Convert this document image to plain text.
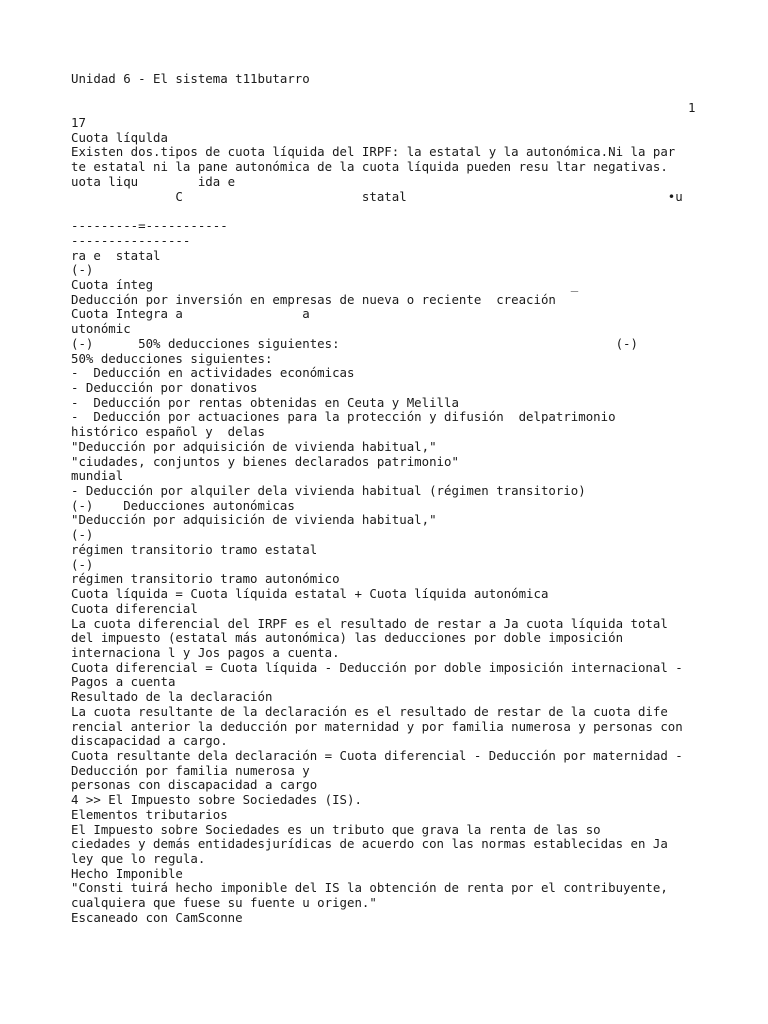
Unidad 6 - El sistema t11butarro
1
17
Cuota líqulda
Existen dos.tipos de cuota líquida del IRPF: la estatal y la autonómica.Ni la par
te estatal ni la pane autonómica de la cuota líquida pueden resu ltar negativas.
uota liqu        ida e
C                        statal                                   •u
---------=-----------
----------------
ra e  statal
(-)
Cuota ínteg                                                        _
Deducción por inversión en empresas de nueva o reciente  creación
Cuota Integra a                a
utonómic
(-)      50% deducciones siguientes:                                     (-)
50% deducciones siguientes:
-  Deducción en actividades económicas
- Deducción por donativos
-  Deducción por rentas obtenidas en Ceuta y Melilla
-  Deducción por actuaciones para la protección y difusión  delpatrimonio
histórico español y  delas
"Deducción por adquisición de vivienda habitual,"
"ciudades, conjuntos y bienes declarados patrimonio"
mundial
- Deducción por alquiler dela vivienda habitual (régimen transitorio)
(-)    Deducciones autonómicas
"Deducción por adquisición de vivienda habitual,"
(-)
régimen transitorio tramo estatal
(-)
régimen transitorio tramo autonómico
Cuota líquida = Cuota líquida estatal + Cuota líquida autonómica
Cuota diferencial
La cuota diferencial del IRPF es el resultado de restar a Ja cuota líquida total
del impuesto (estatal más autonómica) las deducciones por doble imposición
internaciona l y Jos pagos a cuenta.
Cuota diferencial = Cuota líquida - Deducción por doble imposición internacional -
Pagos a cuenta
Resultado de la declaración
La cuota resultante de la declaración es el resultado de restar de la cuota dife
rencial anterior la deducción por maternidad y por familia numerosa y personas con
discapacidad a cargo.
Cuota resultante dela declaración = Cuota diferencial - Deducción por maternidad -
Deducción por familia numerosa y
personas con discapacidad a cargo
4 >> El Impuesto sobre Sociedades (IS).
Elementos tributarios
El Impuesto sobre Sociedades es un tributo que grava la renta de las so
ciedades y demás entidadesjurídicas de acuerdo con las normas establecidas en Ja
ley que lo regula.
Hecho Imponible
"Consti tuirá hecho imponible del IS la obtención de renta por el contribuyente,
cualquiera que fuese su fuente u origen."
Escaneado con CamSconne
